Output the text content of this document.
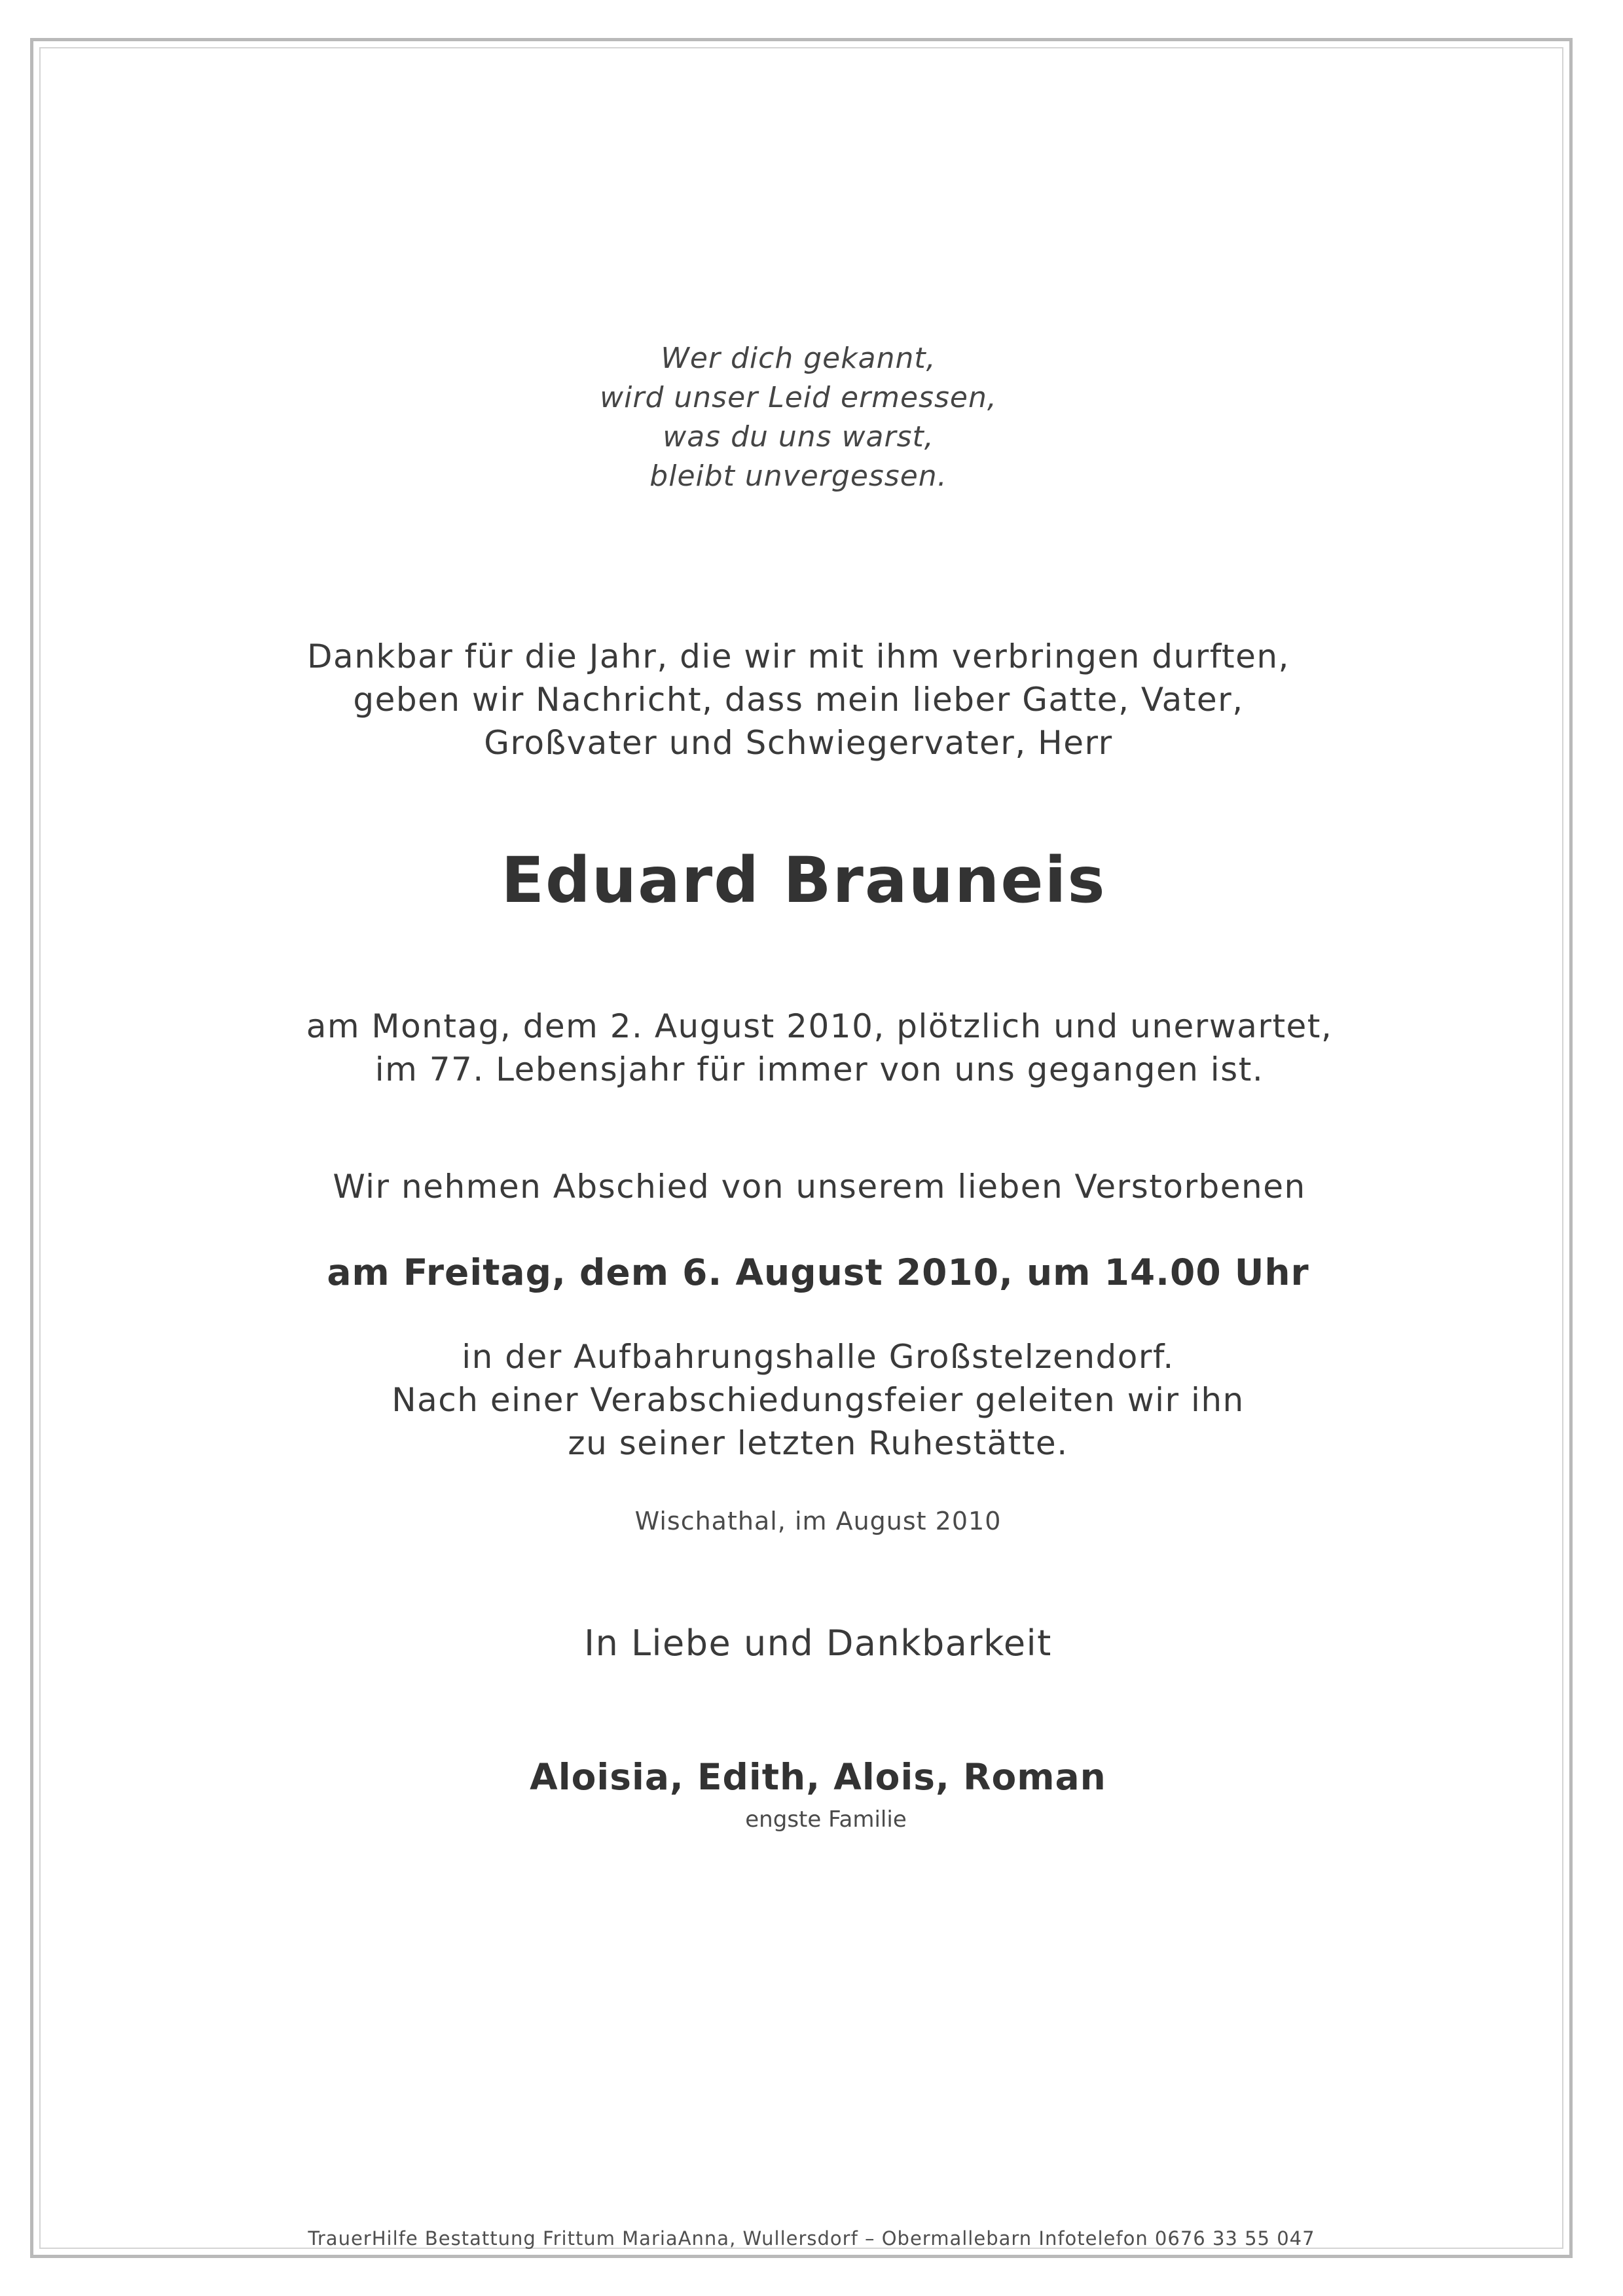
Wer dich gekannt,
wird unser Leid ermessen,
was du uns warst,
bleibt unvergessen.
Dankbar für die Jahr, die wir mit ihm verbringen durften,
geben wir Nachricht, dass mein lieber Gatte, Vater,
Großvater und Schwiegervater, Herr
Eduard Brauneis
am Montag, dem 2. August 2010, plötzlich und unerwartet,
im 77. Lebensjahr für immer von uns gegangen ist.
Wir nehmen Abschied von unserem lieben Verstorbenen
am Freitag, dem 6. August 2010, um 14.00 Uhr
in der Aufbahrungshalle Großstelzendorf.
Nach einer Verabschiedungsfeier geleiten wir ihn
zu seiner letzten Ruhestätte.
Wischathal, im August 2010
In Liebe und Dankbarkeit
Aloisia, Edith, Alois, Roman
engste Familie
TrauerHilfe Bestattung Frittum MariaAnna, Wullersdorf – Obermallebarn Infotelefon 0676 33 55 047
